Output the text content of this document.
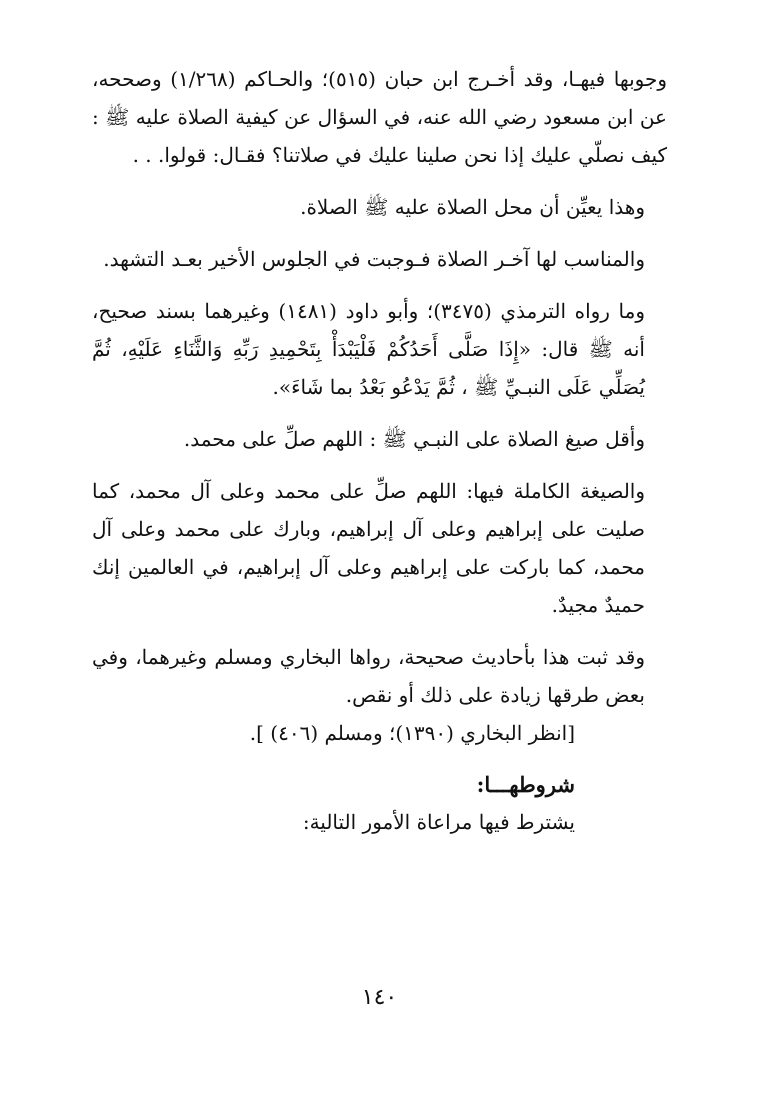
وجوبها فيهـا، وقد أخـرج ابن حبان (٥١٥)؛ والحـاكم (١/٢٦٨) وصححه، عن ابن مسعود رضي الله عنه، في السؤال عن كيفية الصلاة عليه ﷺ : كيف نصلّي عليك إذا نحن صلينا عليك في صلاتنا؟ فقـال: قولوا. . .

وهذا يعيِّن أن محل الصلاة عليه ﷺ الصلاة.

والمناسب لها آخـر الصلاة فـوجبت في الجلوس الأخير بعـد التشهد.

وما رواه الترمذي (٣٤٧٥)؛ وأبو داود (١٤٨١) وغيرهما بسند صحيح، أنه ﷺ قال: «إِذَا صَلَّى أَحَدُكُمْ فَلْيَبْدَأْ بِتَحْمِيدِ رَبِّهِ وَالثَّنَاءِ عَلَيْهِ، ثُمَّ يُصَلِّي عَلَى النبـيِّ ﷺ ، ثُمَّ يَدْعُو بَعْدُ بما شَاءَ».

وأقل صيغ الصلاة على النبـي ﷺ : اللهم صلِّ على محمد.

والصيغة الكاملة فيها: اللهم صلِّ على محمد وعلى آل محمد، كما صليت على إبراهيم وعلى آل إبراهيم، وبارك على محمد وعلى آل محمد، كما باركت على إبراهيم وعلى آل إبراهيم، في العالمين إنك حميدٌ مجيدٌ.

وقد ثبت هذا بأحاديث صحيحة، رواها البخاري ومسلم وغيرهما، وفي بعض طرقها زيادة على ذلك أو نقص.

[انظر البخاري (١٣٩٠)؛ ومسلم (٤٠٦) ].

شروطهـــا:

يشترط فيها مراعاة الأمور التالية:

١٤٠
